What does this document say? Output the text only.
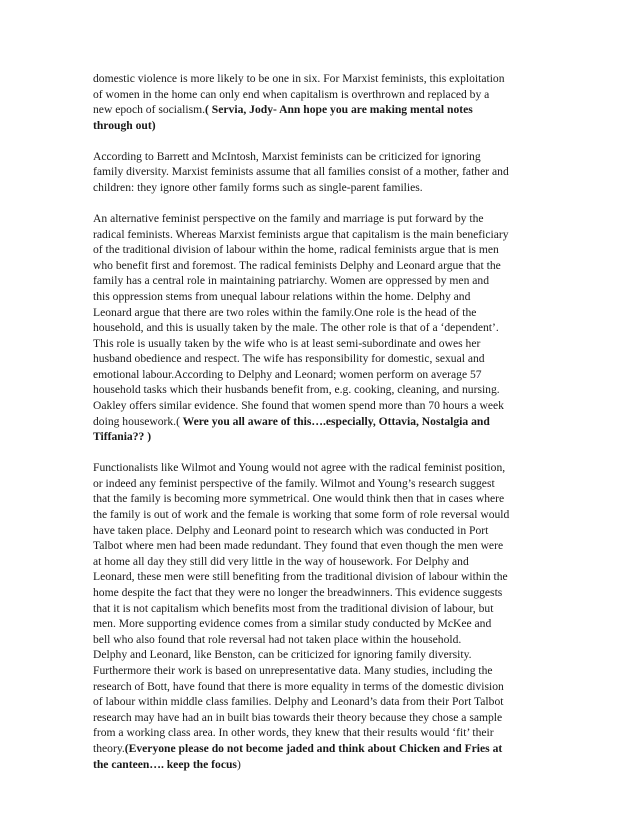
domestic violence is more likely to be one in six. For Marxist feminists, this exploitation
of women in the home can only end when capitalism is overthrown and replaced by a
new epoch of socialism.( Servia, Jody- Ann hope you are making mental notes
through out)

According to Barrett and McIntosh, Marxist feminists can be criticized for ignoring
family diversity. Marxist feminists assume that all families consist of a mother, father and
children: they ignore other family forms such as single-parent families.

An alternative feminist perspective on the family and marriage is put forward by the
radical feminists. Whereas Marxist feminists argue that capitalism is the main beneficiary
of the traditional division of labour within the home, radical feminists argue that is men
who benefit first and foremost. The radical feminists Delphy and Leonard argue that the
family has a central role in maintaining patriarchy. Women are oppressed by men and
this oppression stems from unequal labour relations within the home. Delphy and
Leonard argue that there are two roles within the family.One role is the head of the
household, and this is usually taken by the male. The other role is that of a ‘dependent’.
This role is usually taken by the wife who is at least semi-subordinate and owes her
husband obedience and respect. The wife has responsibility for domestic, sexual and
emotional labour.According to Delphy and Leonard; women perform on average 57
household tasks which their husbands benefit from, e.g. cooking, cleaning, and nursing.
Oakley offers similar evidence. She found that women spend more than 70 hours a week
doing housework.( Were you all aware of this….especially, Ottavia, Nostalgia and
Tiffania?? )

Functionalists like Wilmot and Young would not agree with the radical feminist position,
or indeed any feminist perspective of the family. Wilmot and Young’s research suggest
that the family is becoming more symmetrical. One would think then that in cases where
the family is out of work and the female is working that some form of role reversal would
have taken place. Delphy and Leonard point to research which was conducted in Port
Talbot where men had been made redundant. They found that even though the men were
at home all day they still did very little in the way of housework. For Delphy and
Leonard, these men were still benefiting from the traditional division of labour within the
home despite the fact that they were no longer the breadwinners. This evidence suggests
that it is not capitalism which benefits most from the traditional division of labour, but
men. More supporting evidence comes from a similar study conducted by McKee and
bell who also found that role reversal had not taken place within the household.
Delphy and Leonard, like Benston, can be criticized for ignoring family diversity.
Furthermore their work is based on unrepresentative data. Many studies, including the
research of Bott, have found that there is more equality in terms of the domestic division
of labour within middle class families. Delphy and Leonard’s data from their Port Talbot
research may have had an in built bias towards their theory because they chose a sample
from a working class area. In other words, they knew that their results would ‘fit’ their
theory.(Everyone please do not become jaded and think about Chicken and Fries at
the canteen…. keep the focus)
